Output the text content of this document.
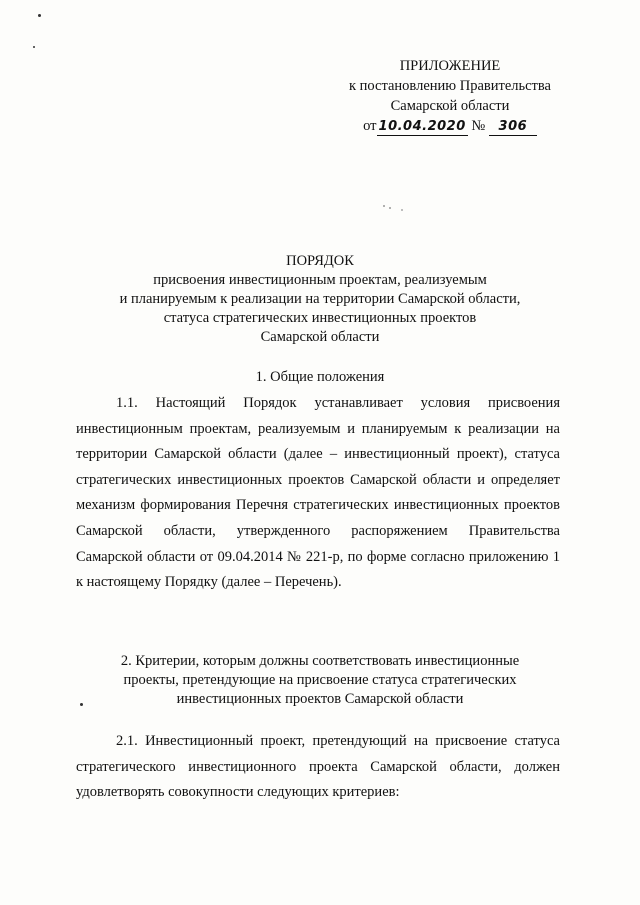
ПРИЛОЖЕНИЕ
к постановлению Правительства
Самарской области
от 10.04.2020 № 306
ПОРЯДОК
присвоения инвестиционным проектам, реализуемым
и планируемым к реализации на территории Самарской области,
статуса стратегических инвестиционных проектов
Самарской области
1. Общие положения
1.1. Настоящий Порядок устанавливает условия присвоения инвестиционным проектам, реализуемым и планируемым к реализации на территории Самарской области (далее – инвестиционный проект), статуса стратегических инвестиционных проектов Самарской области и определяет механизм формирования Перечня стратегических инвестиционных проектов Самарской области, утвержденного распоряжением Правительства Самарской области от 09.04.2014 № 221-р, по форме согласно приложению 1 к настоящему Порядку (далее – Перечень).
2. Критерии, которым должны соответствовать инвестиционные
проекты, претендующие на присвоение статуса стратегических
инвестиционных проектов Самарской области
2.1. Инвестиционный проект, претендующий на присвоение статуса стратегического инвестиционного проекта Самарской области, должен удовлетворять совокупности следующих критериев:
